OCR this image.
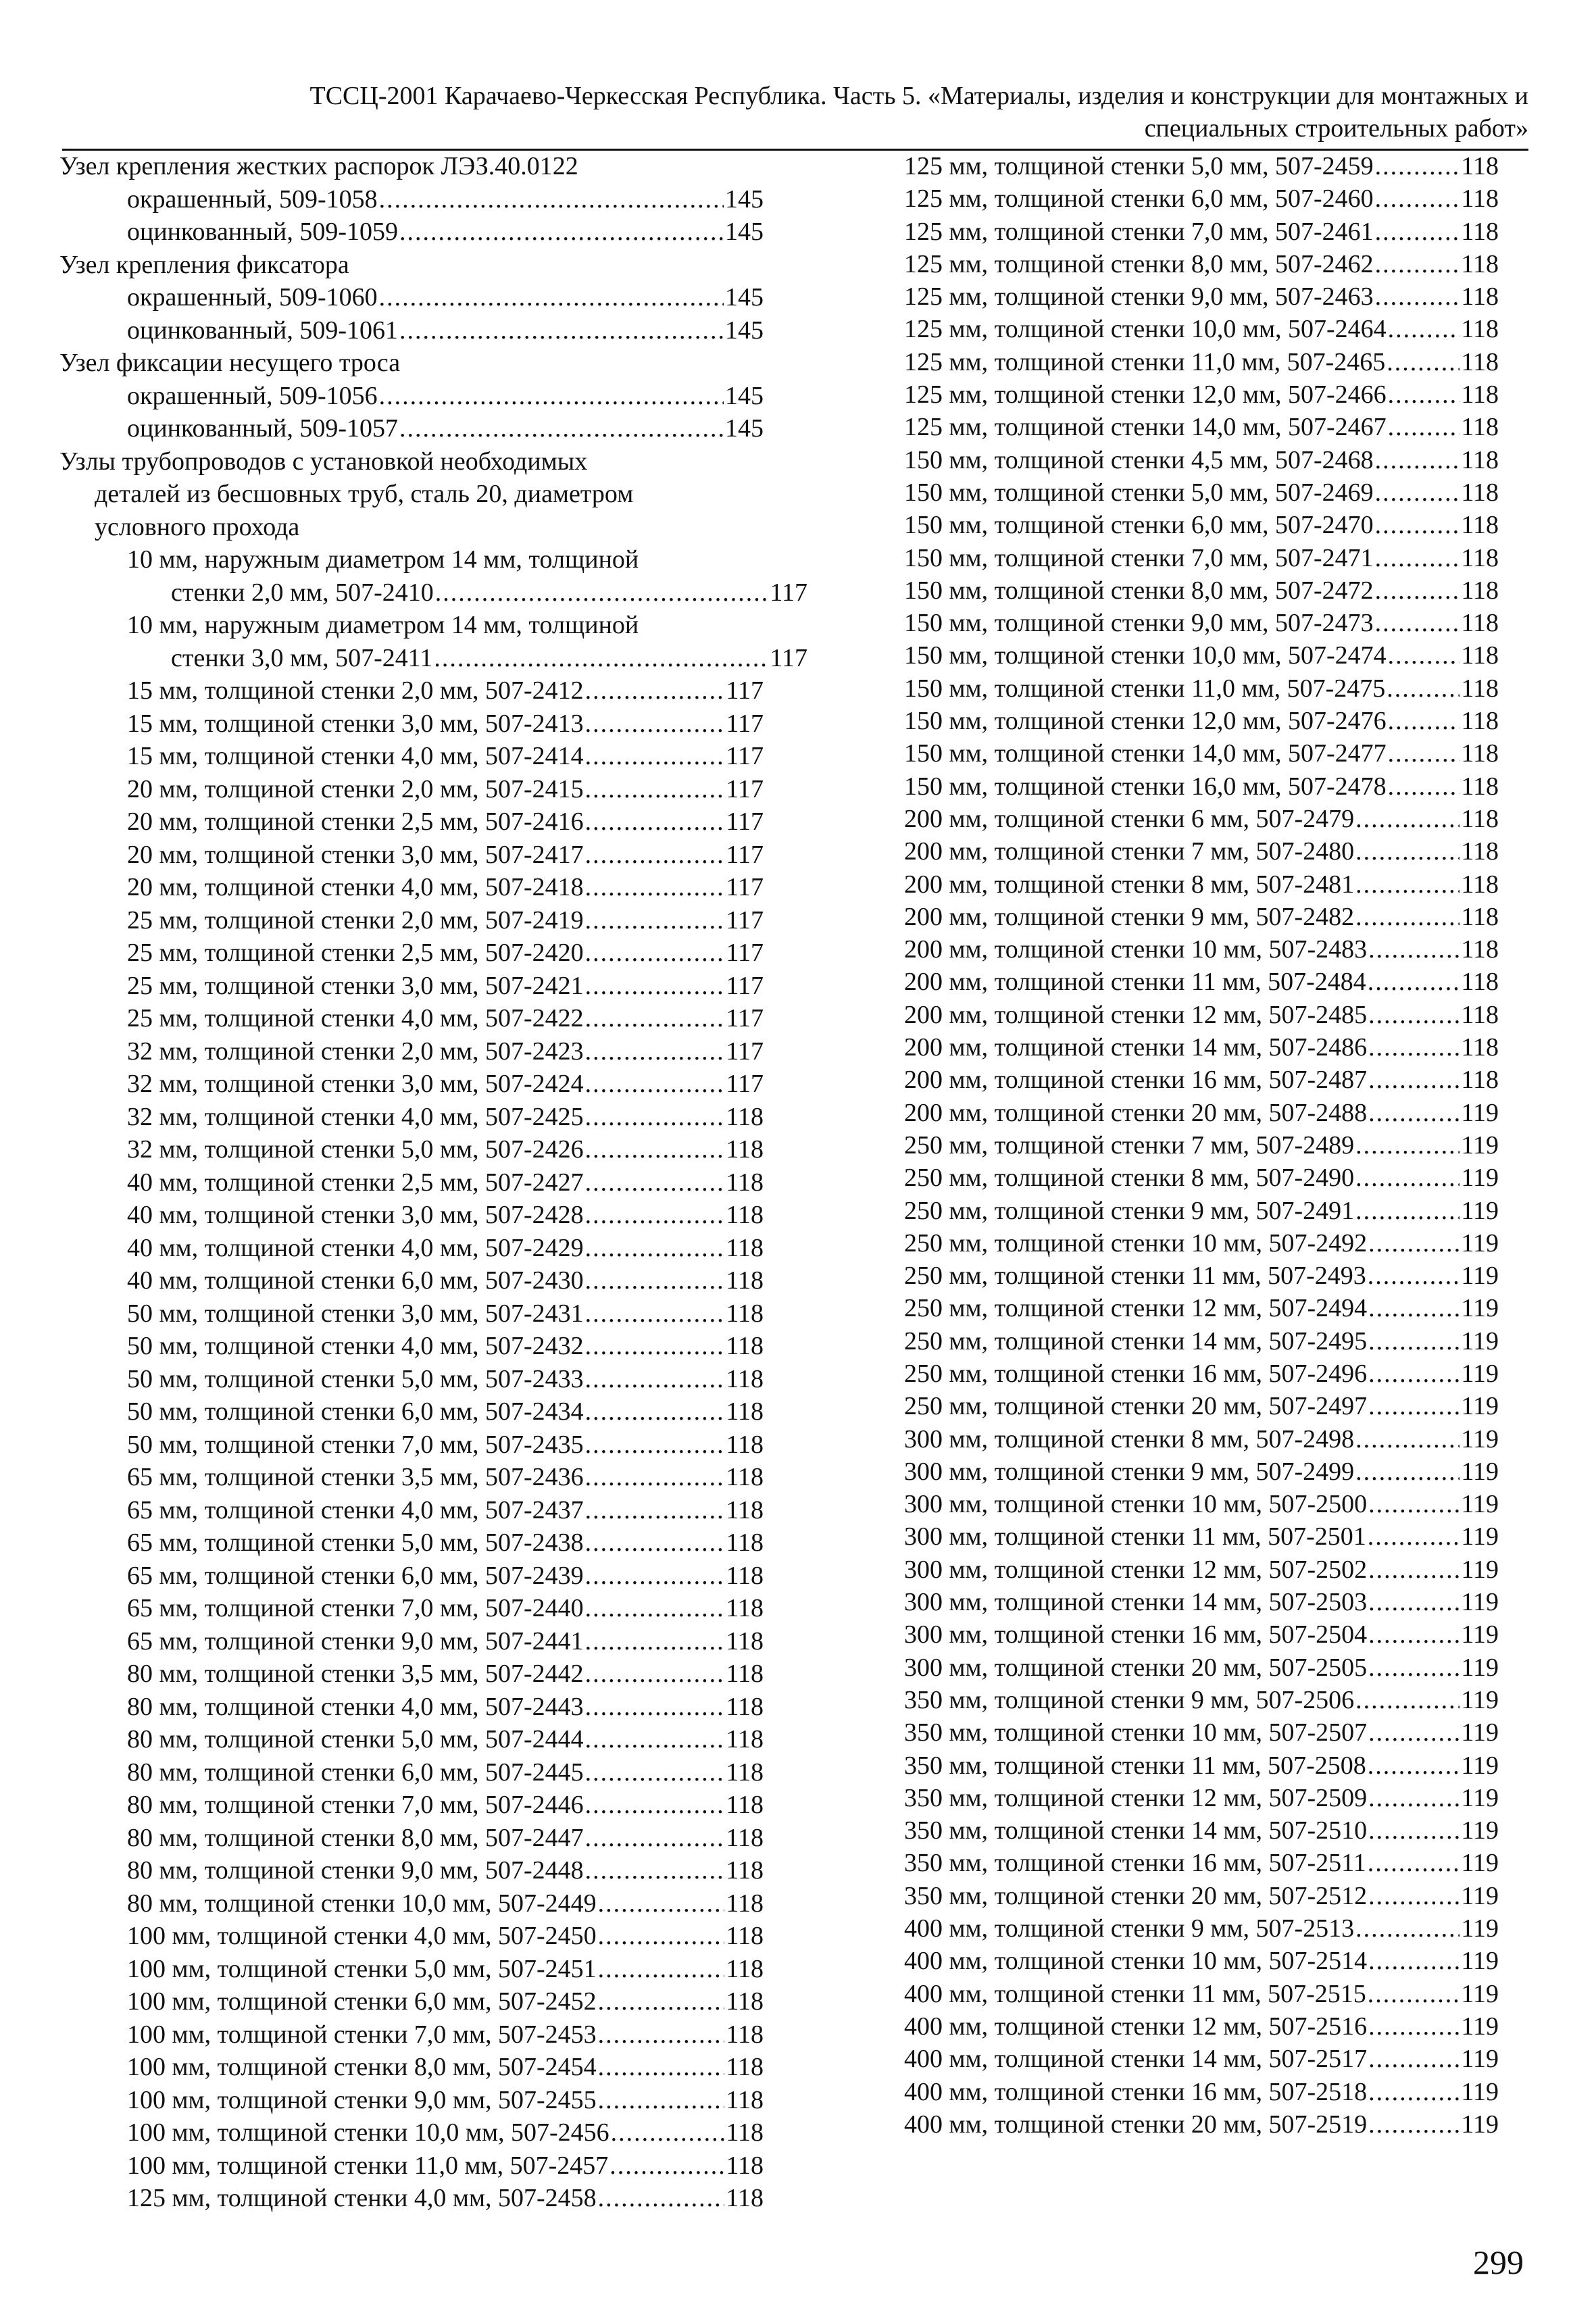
ТССЦ-2001 Карачаево-Черкесская Республика. Часть 5. «Материалы, изделия и конструкции для монтажных и
специальных строительных работ»
Узел крепления жестких распорок ЛЭЗ.40.0122
окрашенный, 509-1058 .....	145
оцинкованный, 509-1059 .....	145
Узел крепления фиксатора
окрашенный, 509-1060 .....	145
оцинкованный, 509-1061 .....	145
Узел фиксации несущего троса
окрашенный, 509-1056 .....	145
оцинкованный, 509-1057 .....	145
Узлы трубопроводов с установкой необходимых
деталей из бесшовных труб, сталь 20, диаметром
условного прохода
10 мм, наружным диаметром 14 мм, толщиной
стенки 2,0 мм, 507-2410 .....	117
10 мм, наружным диаметром 14 мм, толщиной
стенки 3,0 мм, 507-2411 .....	117
15 мм, толщиной стенки 2,0 мм, 507-2412 .....	117
15 мм, толщиной стенки 3,0 мм, 507-2413 .....	117
15 мм, толщиной стенки 4,0 мм, 507-2414 .....	117
20 мм, толщиной стенки 2,0 мм, 507-2415 .....	117
20 мм, толщиной стенки 2,5 мм, 507-2416 .....	117
20 мм, толщиной стенки 3,0 мм, 507-2417 .....	117
20 мм, толщиной стенки 4,0 мм, 507-2418 .....	117
25 мм, толщиной стенки 2,0 мм, 507-2419 .....	117
25 мм, толщиной стенки 2,5 мм, 507-2420 .....	117
25 мм, толщиной стенки 3,0 мм, 507-2421 .....	117
25 мм, толщиной стенки 4,0 мм, 507-2422 .....	117
32 мм, толщиной стенки 2,0 мм, 507-2423 .....	117
32 мм, толщиной стенки 3,0 мм, 507-2424 .....	117
32 мм, толщиной стенки 4,0 мм, 507-2425 .....	118
32 мм, толщиной стенки 5,0 мм, 507-2426 .....	118
40 мм, толщиной стенки 2,5 мм, 507-2427 .....	118
40 мм, толщиной стенки 3,0 мм, 507-2428 .....	118
40 мм, толщиной стенки 4,0 мм, 507-2429 .....	118
40 мм, толщиной стенки 6,0 мм, 507-2430 .....	118
50 мм, толщиной стенки 3,0 мм, 507-2431 .....	118
50 мм, толщиной стенки 4,0 мм, 507-2432 .....	118
50 мм, толщиной стенки 5,0 мм, 507-2433 .....	118
50 мм, толщиной стенки 6,0 мм, 507-2434 .....	118
50 мм, толщиной стенки 7,0 мм, 507-2435 .....	118
65 мм, толщиной стенки 3,5 мм, 507-2436 .....	118
65 мм, толщиной стенки 4,0 мм, 507-2437 .....	118
65 мм, толщиной стенки 5,0 мм, 507-2438 .....	118
65 мм, толщиной стенки 6,0 мм, 507-2439 .....	118
65 мм, толщиной стенки 7,0 мм, 507-2440 .....	118
65 мм, толщиной стенки 9,0 мм, 507-2441 .....	118
80 мм, толщиной стенки 3,5 мм, 507-2442 .....	118
80 мм, толщиной стенки 4,0 мм, 507-2443 .....	118
80 мм, толщиной стенки 5,0 мм, 507-2444 .....	118
80 мм, толщиной стенки 6,0 мм, 507-2445 .....	118
80 мм, толщиной стенки 7,0 мм, 507-2446 .....	118
80 мм, толщиной стенки 8,0 мм, 507-2447 .....	118
80 мм, толщиной стенки 9,0 мм, 507-2448 .....	118
80 мм, толщиной стенки 10,0 мм, 507-2449 .....	118
100 мм, толщиной стенки 4,0 мм, 507-2450 .....	118
100 мм, толщиной стенки 5,0 мм, 507-2451 .....	118
100 мм, толщиной стенки 6,0 мм, 507-2452 .....	118
100 мм, толщиной стенки 7,0 мм, 507-2453 .....	118
100 мм, толщиной стенки 8,0 мм, 507-2454 .....	118
100 мм, толщиной стенки 9,0 мм, 507-2455 .....	118
100 мм, толщиной стенки 10,0 мм, 507-2456 .....	118
100 мм, толщиной стенки 11,0 мм, 507-2457 .....	118
125 мм, толщиной стенки 4,0 мм, 507-2458 .....	118
125 мм, толщиной стенки 5,0 мм, 507-2459 .....	118
125 мм, толщиной стенки 6,0 мм, 507-2460 .....	118
125 мм, толщиной стенки 7,0 мм, 507-2461 .....	118
125 мм, толщиной стенки 8,0 мм, 507-2462 .....	118
125 мм, толщиной стенки 9,0 мм, 507-2463 .....	118
125 мм, толщиной стенки 10,0 мм, 507-2464 .....	118
125 мм, толщиной стенки 11,0 мм, 507-2465 .....	118
125 мм, толщиной стенки 12,0 мм, 507-2466 .....	118
125 мм, толщиной стенки 14,0 мм, 507-2467 .....	118
150 мм, толщиной стенки 4,5 мм, 507-2468 .....	118
150 мм, толщиной стенки 5,0 мм, 507-2469 .....	118
150 мм, толщиной стенки 6,0 мм, 507-2470 .....	118
150 мм, толщиной стенки 7,0 мм, 507-2471 .....	118
150 мм, толщиной стенки 8,0 мм, 507-2472 .....	118
150 мм, толщиной стенки 9,0 мм, 507-2473 .....	118
150 мм, толщиной стенки 10,0 мм, 507-2474 .....	118
150 мм, толщиной стенки 11,0 мм, 507-2475 .....	118
150 мм, толщиной стенки 12,0 мм, 507-2476 .....	118
150 мм, толщиной стенки 14,0 мм, 507-2477 .....	118
150 мм, толщиной стенки 16,0 мм, 507-2478 .....	118
200 мм, толщиной стенки 6 мм, 507-2479 .....	118
200 мм, толщиной стенки 7 мм, 507-2480 .....	118
200 мм, толщиной стенки 8 мм, 507-2481 .....	118
200 мм, толщиной стенки 9 мм, 507-2482 .....	118
200 мм, толщиной стенки 10 мм, 507-2483 .....	118
200 мм, толщиной стенки 11 мм, 507-2484 .....	118
200 мм, толщиной стенки 12 мм, 507-2485 .....	118
200 мм, толщиной стенки 14 мм, 507-2486 .....	118
200 мм, толщиной стенки 16 мм, 507-2487 .....	118
200 мм, толщиной стенки 20 мм, 507-2488 .....	119
250 мм, толщиной стенки 7 мм, 507-2489 .....	119
250 мм, толщиной стенки 8 мм, 507-2490 .....	119
250 мм, толщиной стенки 9 мм, 507-2491 .....	119
250 мм, толщиной стенки 10 мм, 507-2492 .....	119
250 мм, толщиной стенки 11 мм, 507-2493 .....	119
250 мм, толщиной стенки 12 мм, 507-2494 .....	119
250 мм, толщиной стенки 14 мм, 507-2495 .....	119
250 мм, толщиной стенки 16 мм, 507-2496 .....	119
250 мм, толщиной стенки 20 мм, 507-2497 .....	119
300 мм, толщиной стенки 8 мм, 507-2498 .....	119
300 мм, толщиной стенки 9 мм, 507-2499 .....	119
300 мм, толщиной стенки 10 мм, 507-2500 .....	119
300 мм, толщиной стенки 11 мм, 507-2501 .....	119
300 мм, толщиной стенки 12 мм, 507-2502 .....	119
300 мм, толщиной стенки 14 мм, 507-2503 .....	119
300 мм, толщиной стенки 16 мм, 507-2504 .....	119
300 мм, толщиной стенки 20 мм, 507-2505 .....	119
350 мм, толщиной стенки 9 мм, 507-2506 .....	119
350 мм, толщиной стенки 10 мм, 507-2507 .....	119
350 мм, толщиной стенки 11 мм, 507-2508 .....	119
350 мм, толщиной стенки 12 мм, 507-2509 .....	119
350 мм, толщиной стенки 14 мм, 507-2510 .....	119
350 мм, толщиной стенки 16 мм, 507-2511 .....	119
350 мм, толщиной стенки 20 мм, 507-2512 .....	119
400 мм, толщиной стенки 9 мм, 507-2513 .....	119
400 мм, толщиной стенки 10 мм, 507-2514 .....	119
400 мм, толщиной стенки 11 мм, 507-2515 .....	119
400 мм, толщиной стенки 12 мм, 507-2516 .....	119
400 мм, толщиной стенки 14 мм, 507-2517 .....	119
400 мм, толщиной стенки 16 мм, 507-2518 .....	119
400 мм, толщиной стенки 20 мм, 507-2519 .....	119
299
